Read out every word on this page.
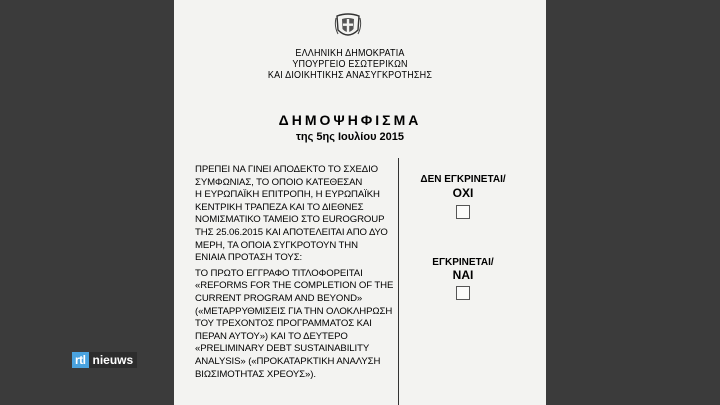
ΕΛΛΗΝΙΚΗ ΔΗΜΟΚΡΑΤΙΑ
ΥΠΟΥΡΓΕΙΟ ΕΣΩΤΕΡΙΚΩΝ
ΚΑΙ ΔΙΟΙΚΗΤΙΚΗΣ ΑΝΑΣΥΓΚΡΟΤΗΣΗΣ
ΔΗΜΟΨΗΦΙΣΜΑ
της 5ης Ιουλίου 2015

ΠΡΕΠΕΙ ΝΑ ΓΙΝΕΙ ΑΠΟΔΕΚΤΟ ΤΟ ΣΧΕΔΙΟ

ΣΥΜΦΩΝΙΑΣ, ΤΟ ΟΠΟΙΟ ΚΑΤΕΘΕΣΑΝ

Η ΕΥΡΩΠΑΪΚΗ ΕΠΙΤΡΟΠΗ, Η ΕΥΡΩΠΑΪΚΗ

ΚΕΝΤΡΙΚΗ ΤΡΑΠΕΖΑ ΚΑΙ ΤΟ ΔΙΕΘΝΕΣ

ΝΟΜΙΣΜΑΤΙΚΟ ΤΑΜΕΙΟ ΣΤΟ EUROGROUP

ΤΗΣ 25.06.2015 ΚΑΙ ΑΠΟΤΕΛΕΙΤΑΙ ΑΠΟ ΔΥΟ

ΜΕΡΗ, ΤΑ ΟΠΟΙΑ ΣΥΓΚΡΟΤΟΥΝ ΤΗΝ

ΕΝΙΑΙΑ ΠΡΟΤΑΣΗ ΤΟΥΣ:

ΤΟ ΠΡΩΤΟ ΕΓΓΡΑΦΟ ΤΙΤΛΟΦΟΡΕΙΤΑΙ

«REFORMS FOR THE COMPLETION OF THE

CURRENT PROGRAM AND BEYOND»

(«ΜΕΤΑΡΡΥΘΜΙΣΕΙΣ ΓΙΑ ΤΗΝ ΟΛΟΚΛΗΡΩΣΗ

ΤΟΥ ΤΡΕΧΟΝΤΟΣ ΠΡΟΓΡΑΜΜΑΤΟΣ ΚΑΙ

ΠΕΡΑΝ ΑΥΤΟΥ») ΚΑΙ ΤΟ ΔΕΥΤΕΡΟ

«PRELIMINARY DEBT SUSTAINABILITY

ANALYSIS» («ΠΡΟΚΑΤΑΡΚΤΙΚΗ ΑΝΑΛΥΣΗ

ΒΙΩΣΙΜΟΤΗΤΑΣ ΧΡΕΟΥΣ»).

ΔΕΝ ΕΓΚΡΙΝΕΤΑΙ/
ΟΧΙ
ΕΓΚΡΙΝΕΤΑΙ/
ΝΑΙ
rtl nieuws
